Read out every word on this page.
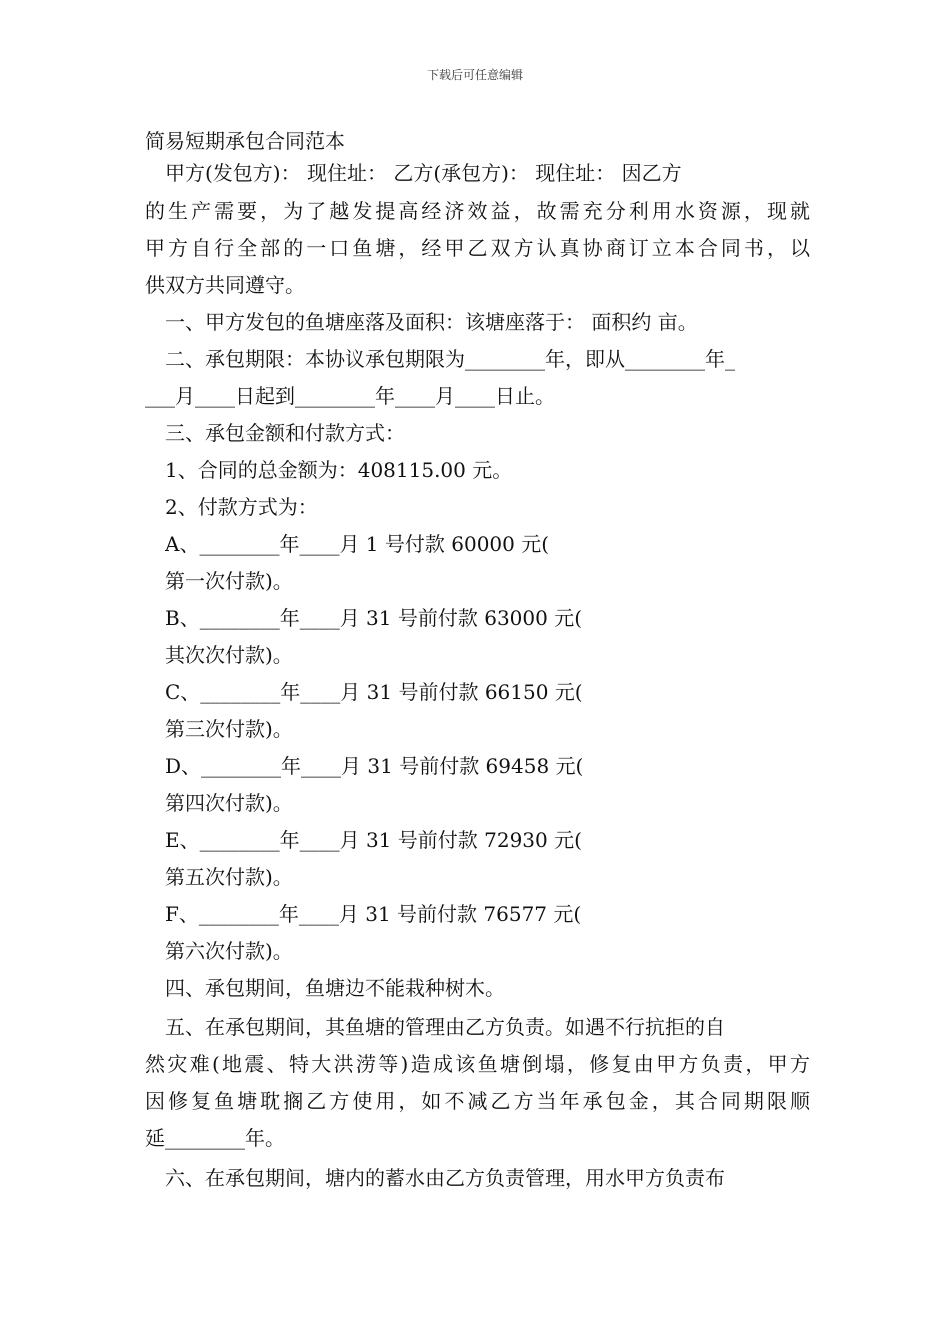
下载后可任意编辑
简易短期承包合同范本
甲方(发包方)： 现住址： 乙方(承包方)： 现住址： 因乙方
的生产需要，为了越发提高经济效益，故需充分利用水资源，现就
甲方自行全部的一口鱼塘，经甲乙双方认真协商订立本合同书，以
供双方共同遵守。
一、甲方发包的鱼塘座落及面积：该塘座落于： 面积约 亩。
二、承包期限：本协议承包期限为________年，即从________年_
___月____日起到________年____月____日止。
三、承包金额和付款方式：
1、合同的总金额为：408115.00 元。
2、付款方式为：
A、________年____月 1 号付款 60000 元(
第一次付款)。
B、________年____月 31 号前付款 63000 元(
其次次付款)。
C、________年____月 31 号前付款 66150 元(
第三次付款)。
D、________年____月 31 号前付款 69458 元(
第四次付款)。
E、________年____月 31 号前付款 72930 元(
第五次付款)。
F、________年____月 31 号前付款 76577 元(
第六次付款)。
四、承包期间，鱼塘边不能栽种树木。
五、在承包期间，其鱼塘的管理由乙方负责。如遇不行抗拒的自
然灾难(地震、特大洪涝等)造成该鱼塘倒塌，修复由甲方负责，甲方
因修复鱼塘耽搁乙方使用，如不减乙方当年承包金，其合同期限顺
延________年。
六、在承包期间，塘内的蓄水由乙方负责管理，用水甲方负责布
